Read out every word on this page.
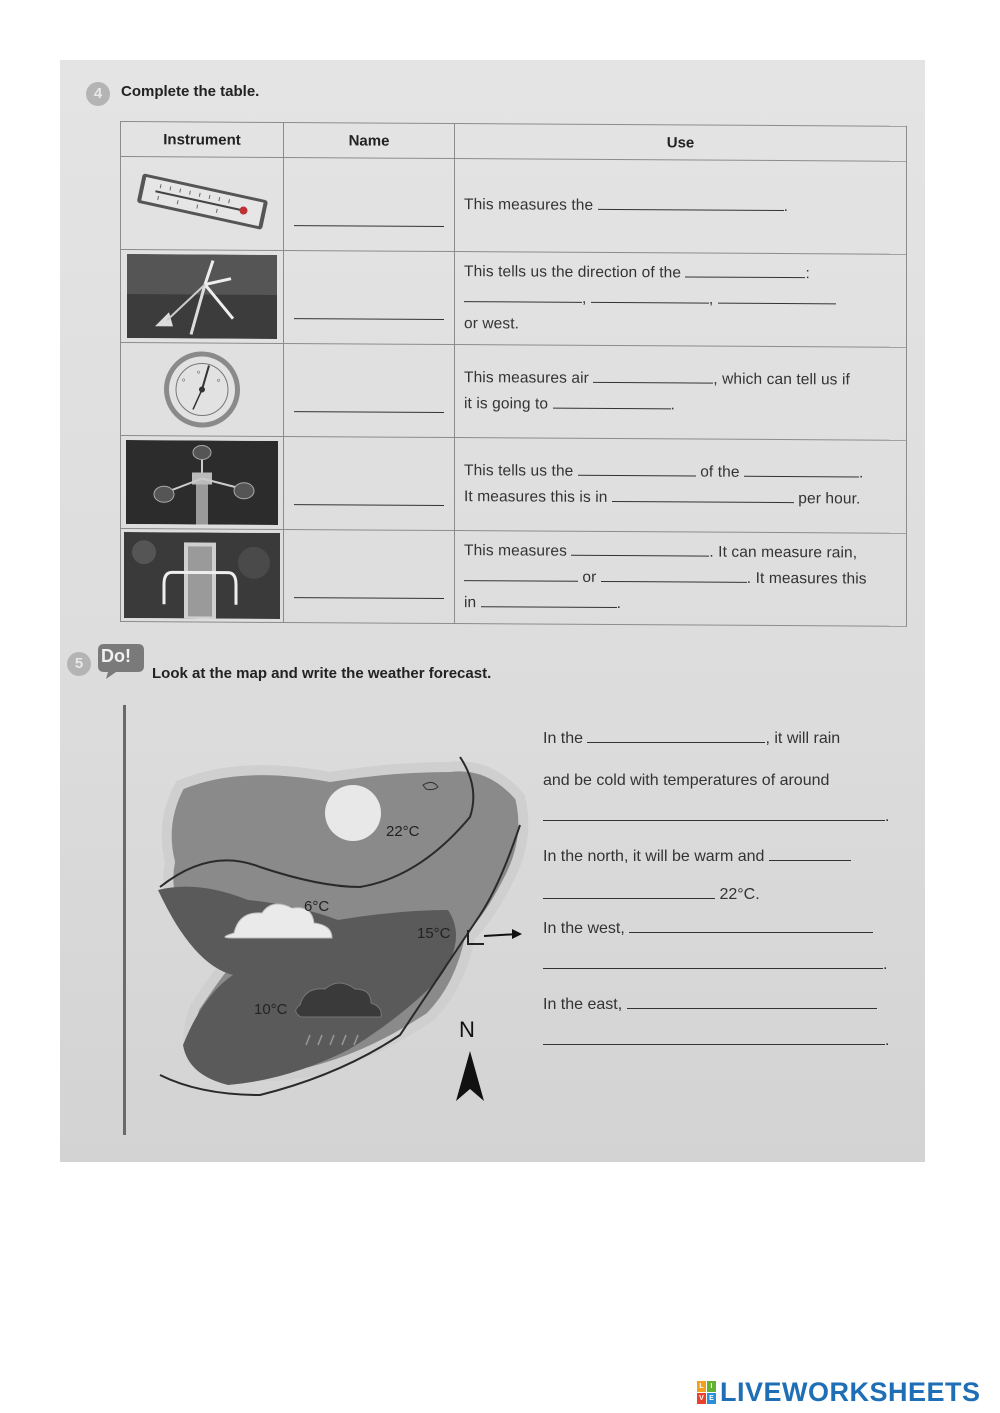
4	Complete the table.
Instrument	Name	Use

	This measures the .

	This tells us the direction of the :
, ,
or west.

o o
o		This measures air , which can tell us if
it is going to .

	This tells us the of the .
It measures this is in per hour.

	This measures . It can measure rain,
or . It measures this
in .
5 Do!
Look at the map and write the weather forecast.
22°C
6°C
15°C
10°C
N
In the	, it will rain
and be cold with temperatures of around
.
In the north, it will be warm and
22°C.
In the west,
.
In the east,
.
L I
V E LIVEWORKSHEETS
